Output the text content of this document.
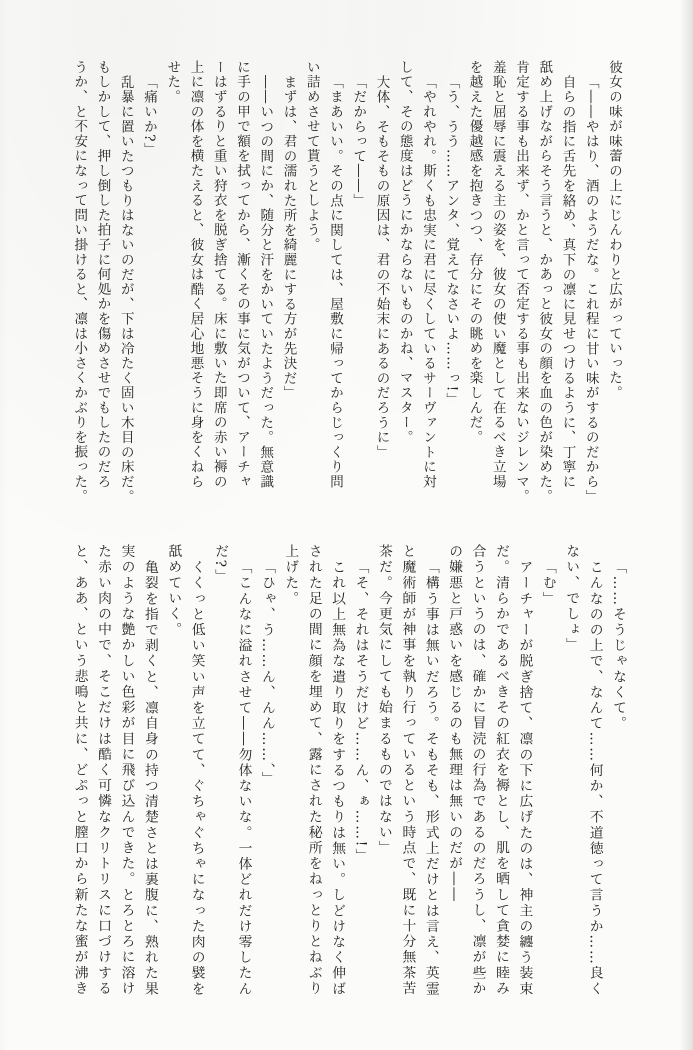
彼女の味が味蕾の上にじんわりと広がっていった。
「――やはり、酒のようだな。これ程に甘い味がするのだから」
自らの指に舌先を絡め、真下の凛に見せつけるように、丁寧に
舐め上げながらそう言うと、かあっと彼女の顔を血の色が染めた。
肯定する事も出来ず、かと言って否定する事も出来ないジレンマ。
羞恥と屈辱に震える主の姿を、彼女の使い魔として在るべき立場
を越えた優越感を抱きつつ、存分にその眺めを楽しんだ。
「う、うう……アンタ、覚えてなさいよ……っ!」
「やれやれ。斯くも忠実に君に尽くしているサーヴァントに対
して、その態度はどうにかならないものかね、マスター。
大体、そもそもの原因は、君の不始末にあるのだろうに」
「だからって――」
「まあいい。その点に関しては、屋敷に帰ってからじっくり問
い詰めさせて貰うとしよう。
まずは、君の濡れた所を綺麗にする方が先決だ」
――いつの間にか、随分と汗をかいていたようだった。無意識
に手の甲で額を拭ってから、漸くその事に気がついて、アーチャ
ーはずるりと重い狩衣を脱ぎ捨てる。床に敷いた即席の赤い褥の
上に凛の体を横たえると、彼女は酷く居心地悪そうに身をくねら
せた。
「痛いか?」
乱暴に置いたつもりはないのだが、下は冷たく固い木目の床だ。
もしかして、押し倒した拍子に何処かを傷めさせでもしたのだろ
うか、と不安になって問い掛けると、凛は小さくかぶりを振った。
「……そうじゃなくて。
こんなのの上で、なんて……何か、不道徳って言うか……良く
ない、でしょ」
「む」
アーチャーが脱ぎ捨て、凛の下に広げたのは、神主の纏う装束
だ。清らかであるべきその紅衣を褥とし、肌を晒して貪婪に睦み
合うというのは、確かに冒涜の行為であるのだろうし、凛が些か
の嫌悪と戸惑いを感じるのも無理は無いのだが――
「構う事は無いだろう。そもそも、形式上だけとは言え、英霊
と魔術師が神事を執り行っているという時点で、既に十分無茶苦
茶だ。今更気にしても始まるものではない」
「そ、それはそうだけど……ん、ぁ……!」
これ以上無為な遣り取りをするつもりは無い。しどけなく伸ば
された足の間に顔を埋めて、露にされた秘所をねっとりとねぶり
上げた。
「ひゃ、う……ん、んん……、」
「こんなに溢れさせて――勿体ないな。一体どれだけ零したん
だ?」
くくっと低い笑い声を立てて、ぐちゃぐちゃになった肉の襞を
舐めていく。
亀裂を指で剥くと、凛自身の持つ清楚さとは裏腹に、熟れた果
実のような艶かしい色彩が目に飛び込んできた。とろとろに溶け
た赤い肉の中で、そこだけは酷く可憐なクリトリスに口づけする
と、ああ、という悲鳴と共に、どぷっと膣口から新たな蜜が沸き
